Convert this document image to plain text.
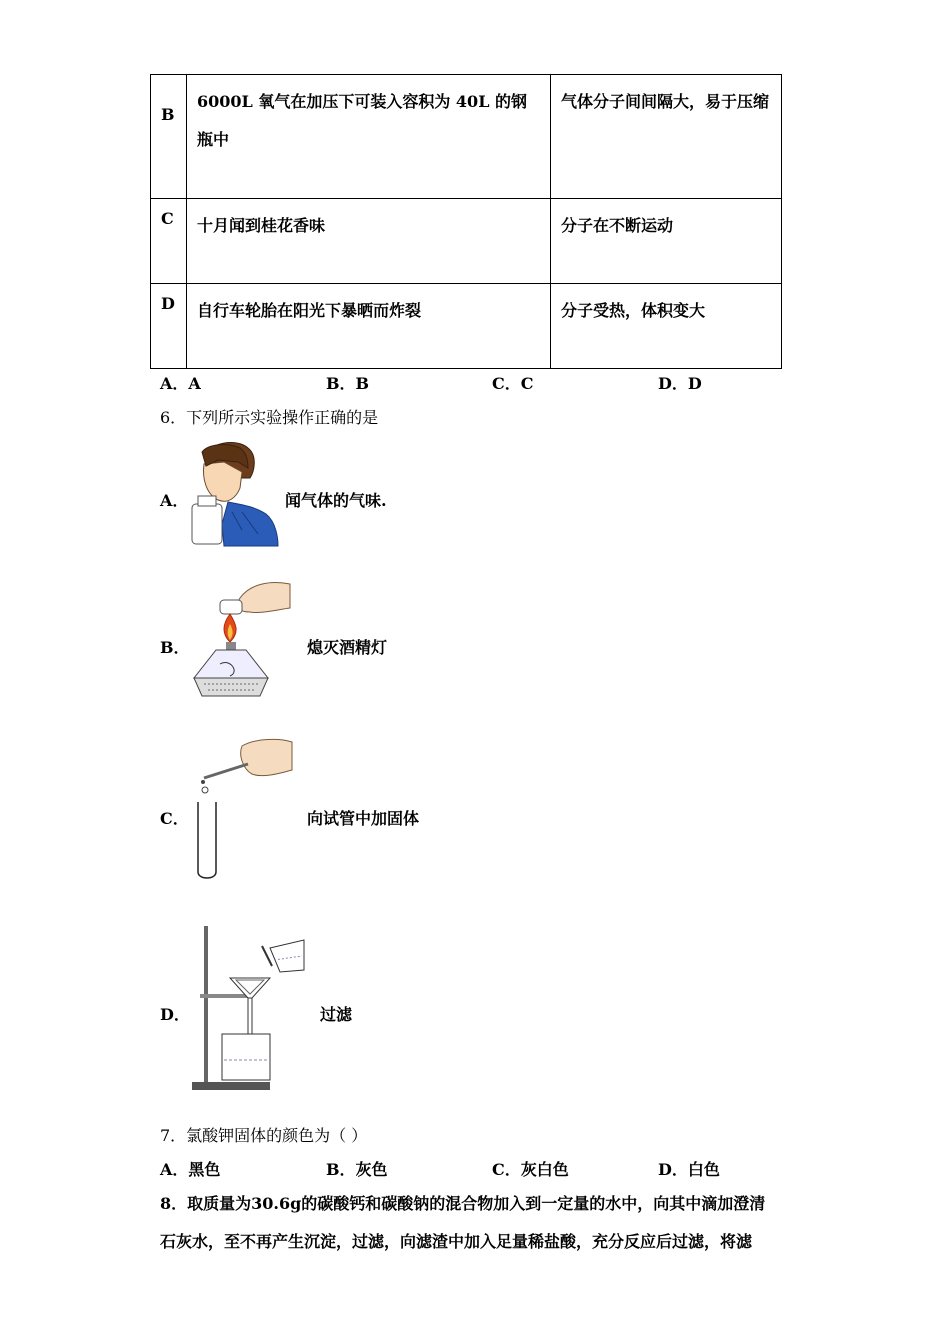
B	6000L 氧气在加压下可装入容积为 40L 的钢瓶中	气体分子间间隔大，易于压缩
C	十月闻到桂花香味	分子在不断运动
D	自行车轮胎在阳光下暴晒而炸裂	分子受热，体积变大
A．A	B．B	C．C	D．D
6．下列所示实验操作正确的是
A．	闻气体的气味.
B．	熄灭酒精灯
C．	向试管中加固体
D．	过滤
7．氯酸钾固体的颜色为（ ）
A．黑色	B．灰色	C．灰白色	D．白色
8．取质量为30.6g的碳酸钙和碳酸钠的混合物加入到一定量的水中，向其中滴加澄清
石灰水，至不再产生沉淀，过滤，向滤渣中加入足量稀盐酸，充分反应后过滤，将滤
